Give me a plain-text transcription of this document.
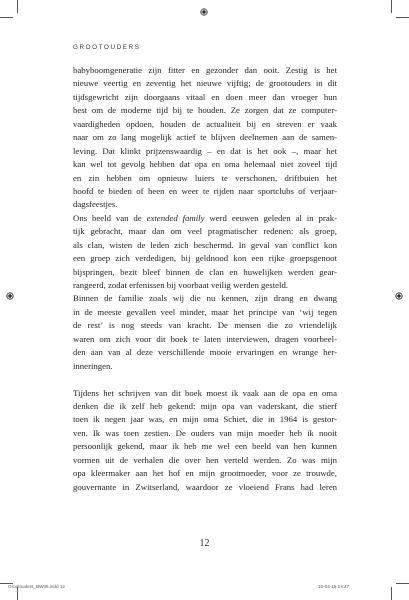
GROOTOUDERS
babyboomgeneratie zijn fitter en gezonder dan ooit. Zestig is het
nieuwe veertig en zeventig het nieuwe vijftig; de grootouders in dit
tijdsgewricht zijn doorgaans vitaal en doen meer dan vroeger hun
best om de moderne tijd bij te houden. Ze zorgen dat ze computer-
vaardigheden opdoen, houden de actualiteit bij en streven er vaak
naar om zo lang mogelijk actief te blijven deelnemen aan de samen-
leving. Dat klinkt prijzenswaardig – en dat is het ook –, maar het
kan wel tot gevolg hebben dat opa en oma helemaal niet zoveel tijd
en zin hebben om opnieuw luiers te verschonen, driftbuien het
hoofd te bieden of heen en weer te rijden naar sportclubs of verjaar-
dagsfeestjes.
Ons beeld van de extended family werd eeuwen geleden al in prak-
tijk gebracht, maar dan om veel pragmatischer redenen: als groep,
als clan, wisten de leden zich beschermd. In geval van conflict kon
een groep zich verdedigen, bij geldnood kon een rijke groepsgenoot
bijspringen, bezit bleef binnen de clan en huwelijken werden gear-
rangeerd, zodat erfenissen bij voorbaat veilig werden gesteld.
Binnen de familie zoals wij die nu kennen, zijn drang en dwang
in de meeste gevallen veel minder, maar het principe van ‘wij tegen
de rest’ is nog steeds van kracht. De mensen die zo vriendelijk
waren om zich voor dit boek te laten interviewen, dragen voorbeel-
den aan van al deze verschillende mooie ervaringen en wrange her-
inneringen.
Tijdens het schrijven van dit boek moest ik vaak aan de opa en oma
denken die ik zelf heb gekend: mijn opa van vaderskant, die stierf
toen ik negen jaar was, en mijn oma Schiet, die in 1964 is gestor-
ven. Ik was toen zestien. De ouders van mijn moeder heb ik nooit
persoonlijk gekend, maar ik heb me wel een beeld van hen kunnen
vormen uit de verhalen die over hen verteld werden. Zo was mijn
opa kleermaker aan het hof en mijn grootmoeder, voor ze trouwde,
gouvernante in Zwitserland, waardoor ze vloeiend Frans had leren
12
Grootouders_BW06.indd 12	15-04-15 14:47
